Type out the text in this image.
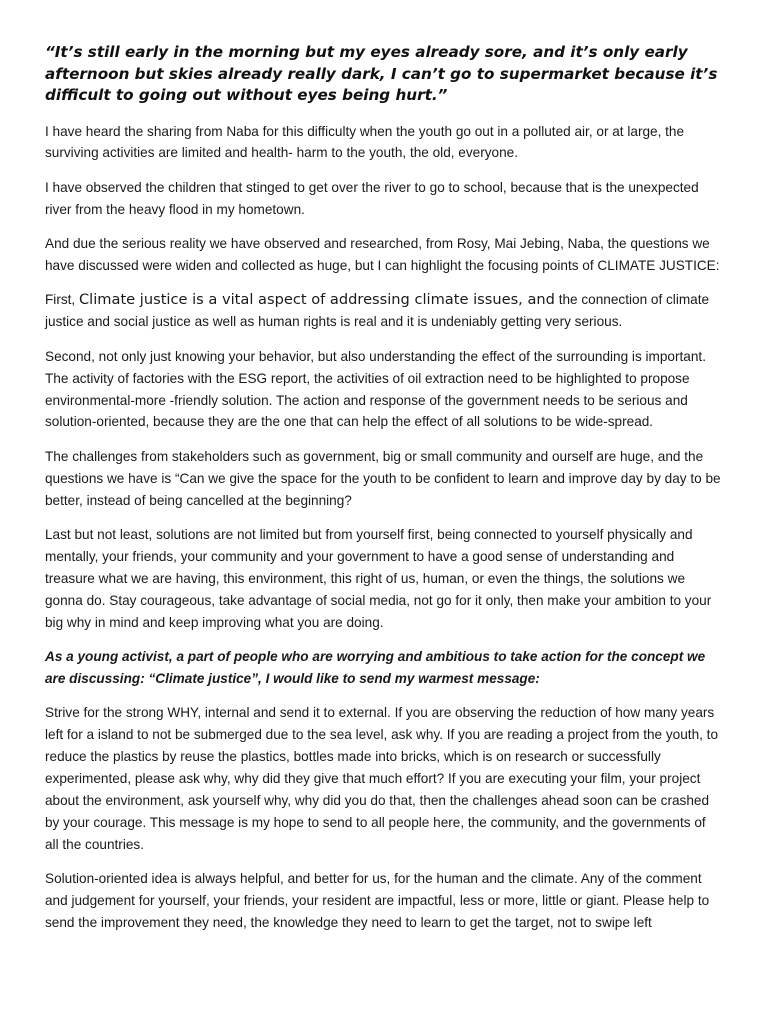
“It’s still early in the morning but my eyes already sore, and it’s only early afternoon but skies already really dark, I can’t go to supermarket because it’s difficult to going out without eyes being hurt.”

I have heard the sharing from Naba for this difficulty when the youth go out in a polluted air, or at large, the surviving activities are limited and health- harm to the youth, the old, everyone.

I have observed the children that stinged to get over the river to go to school, because that is the unexpected river from the heavy flood in my hometown.

And due the serious reality we have observed and researched, from Rosy, Mai Jebing, Naba, the questions we have discussed were widen and collected as huge, but I can highlight the focusing points of CLIMATE JUSTICE:

First, Climate justice is a vital aspect of addressing climate issues, and the connection of climate justice and social justice as well as human rights is real and it is undeniably getting very serious.

Second, not only just knowing your behavior, but also understanding the effect of the surrounding is important. The activity of factories with the ESG report, the activities of oil extraction need to be highlighted to propose environmental-more -friendly solution. The action and response of the government needs to be serious and solution-oriented, because they are the one that can help the effect of all solutions to be wide-spread.

The challenges from stakeholders such as government, big or small community and ourself are huge, and the questions we have is “Can we give the space for the youth to be confident to learn and improve day by day to be better, instead of being cancelled at the beginning?

Last but not least, solutions are not limited but from yourself first, being connected to yourself physically and mentally, your friends, your community and your government to have a good sense of understanding and treasure what we are having, this environment, this right of us, human, or even the things, the solutions we gonna do. Stay courageous, take advantage of social media, not go for it only, then make your ambition to your big why in mind and keep improving what you are doing.

As a young activist, a part of people who are worrying and ambitious to take action for the concept we are discussing: “Climate justice”, I would like to send my warmest message:

Strive for the strong WHY, internal and send it to external. If you are observing the reduction of how many years left for a island to not be submerged due to the sea level, ask why. If you are reading a project from the youth, to reduce the plastics by reuse the plastics, bottles made into bricks, which is on research or successfully experimented, please ask why, why did they give that much effort? If you are executing your film, your project about the environment, ask yourself why, why did you do that, then the challenges ahead soon can be crashed by your courage. This message is my hope to send to all people here, the community, and the governments of all the countries.

Solution-oriented idea is always helpful, and better for us, for the human and the climate. Any of the comment and judgement for yourself, your friends, your resident are impactful, less or more, little or giant. Please help to send the improvement they need, the knowledge they need to learn to get the target, not to swipe left
